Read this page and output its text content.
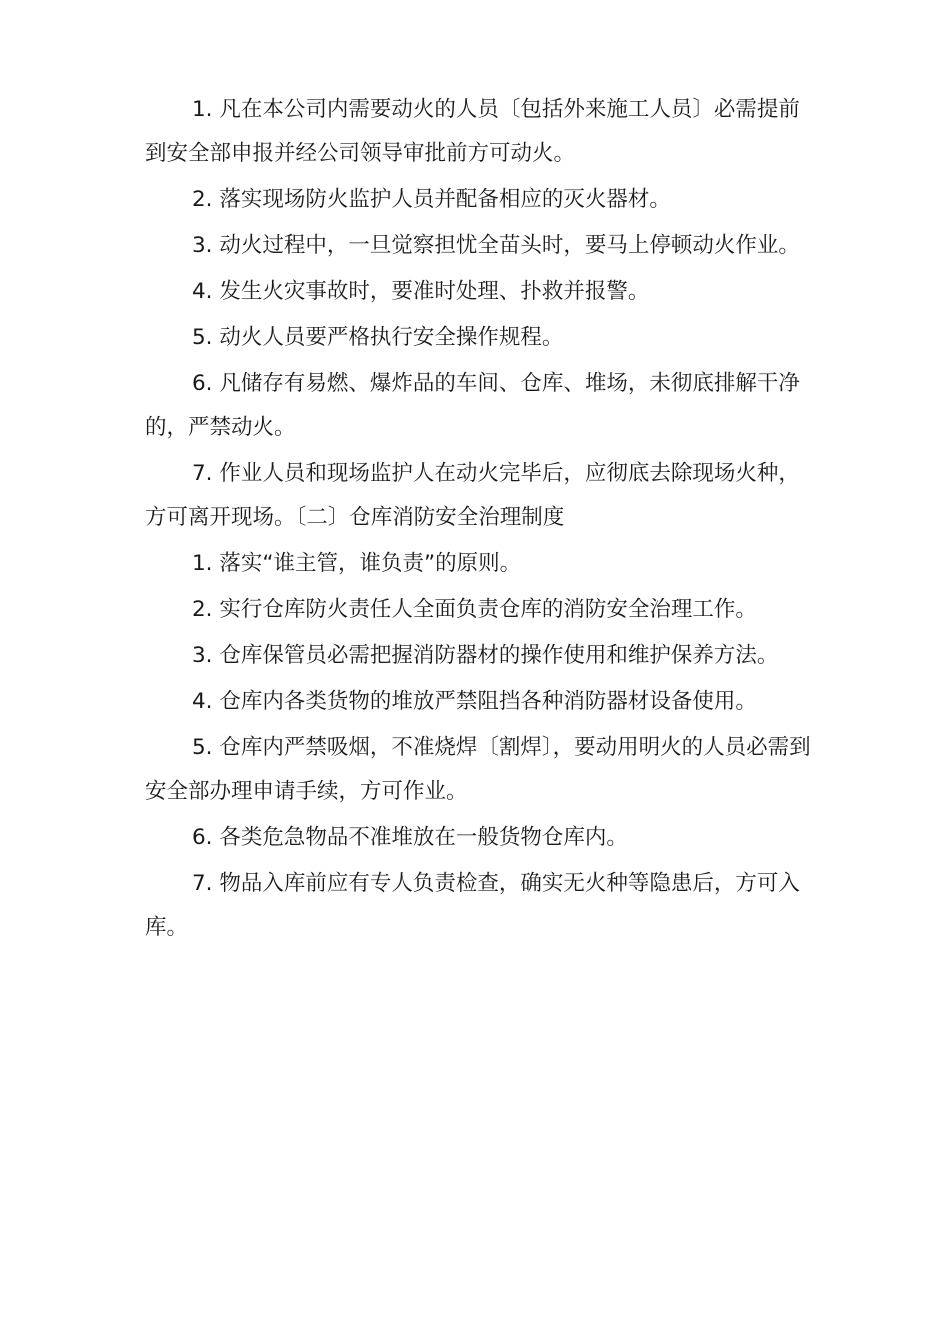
1. 凡在本公司内需要动火的人员〔包括外来施工人员〕必需提前到安全部申报并经公司领导审批前方可动火。

2. 落实现场防火监护人员并配备相应的灭火器材。

3. 动火过程中，一旦觉察担忧全苗头时，要马上停顿动火作业。

4. 发生火灾事故时，要准时处理、扑救并报警。

5. 动火人员要严格执行安全操作规程。

6. 凡储存有易燃、爆炸品的车间、仓库、堆场，未彻底排解干净的，严禁动火。

7. 作业人员和现场监护人在动火完毕后，应彻底去除现场火种，方可离开现场。〔二〕仓库消防安全治理制度

1. 落实“谁主管，谁负责”的原则。

2. 实行仓库防火责任人全面负责仓库的消防安全治理工作。

3. 仓库保管员必需把握消防器材的操作使用和维护保养方法。

4. 仓库内各类货物的堆放严禁阻挡各种消防器材设备使用。

5. 仓库内严禁吸烟，不准烧焊〔割焊〕，要动用明火的人员必需到安全部办理申请手续，方可作业。

6. 各类危急物品不准堆放在一般货物仓库内。

7. 物品入库前应有专人负责检查，确实无火种等隐患后，方可入库。
